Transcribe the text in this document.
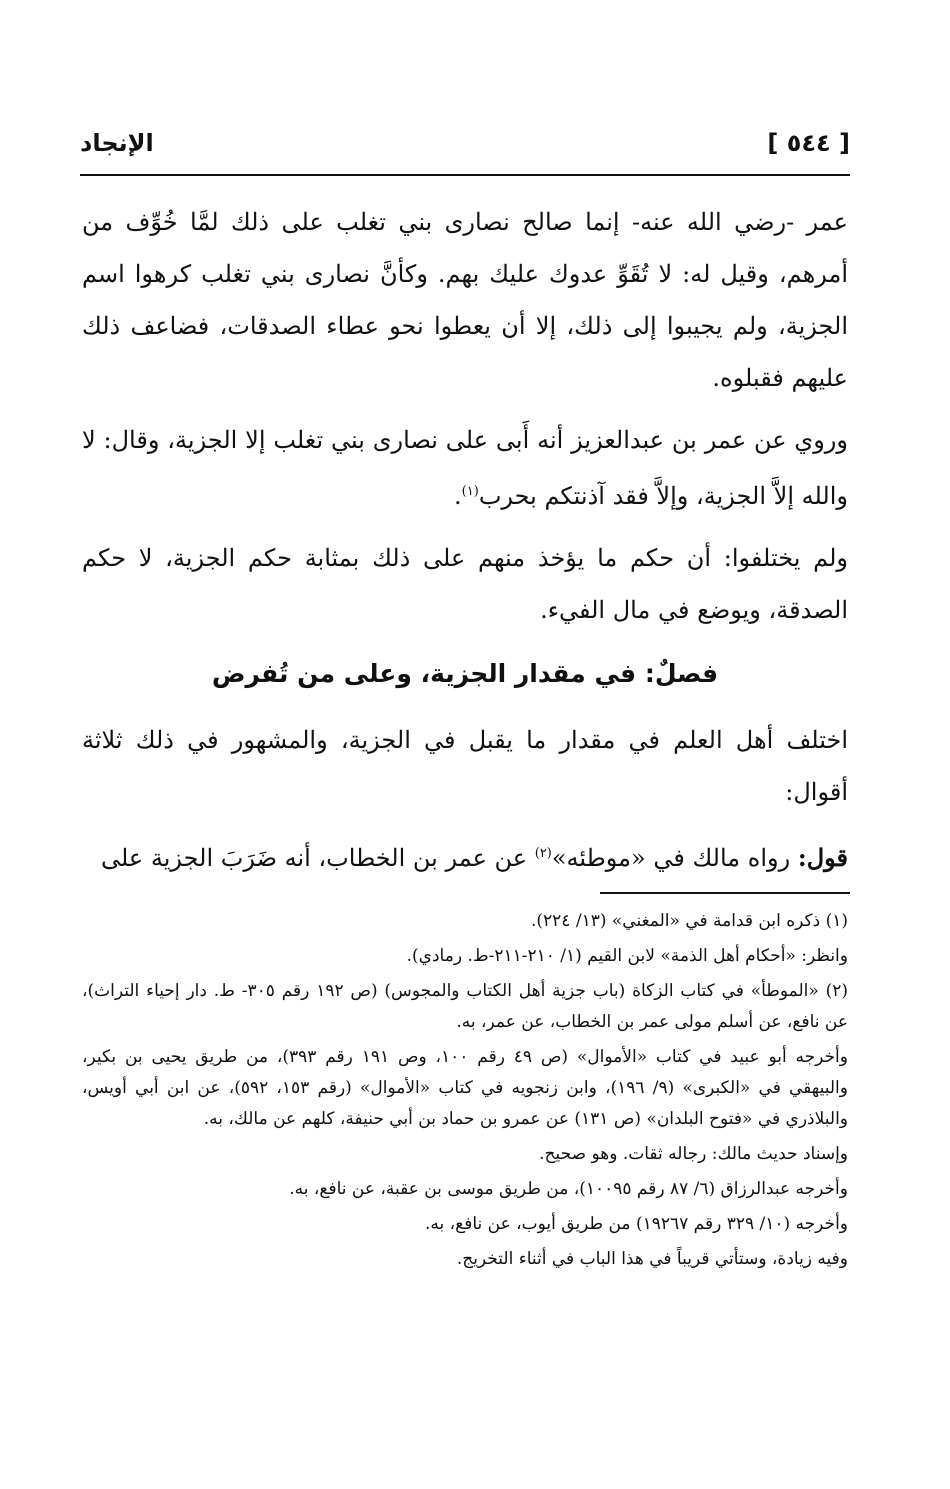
[ ٥٤٤ ]
الإنجاد

عمر -رضي الله عنه- إنما صالح نصارى بني تغلب على ذلك لمَّا خُوِّف من أمرهم، وقيل له: لا تُقَوِّ عدوك عليك بهم. وكأنَّ نصارى بني تغلب كرهوا اسم الجزية، ولم يجيبوا إلى ذلك، إلا أن يعطوا نحو عطاء الصدقات، فضاعف ذلك عليهم فقبلوه.

وروي عن عمر بن عبدالعزيز أنه أَبى على نصارى بني تغلب إلا الجزية، وقال: لا والله إلاَّ الجزية، وإلاَّ فقد آذنتكم بحرب$^{(١)}$.

ولم يختلفوا: أن حكم ما يؤخذ منهم على ذلك بمثابة حكم الجزية، لا حكم الصدقة، ويوضع في مال الفيء.

فصلٌ: في مقدار الجزية، وعلى من تُفرض

اختلف أهل العلم في مقدار ما يقبل في الجزية، والمشهور في ذلك ثلاثة أقوال:

قول: رواه مالك في «موطئه»$^{(٢)}$ عن عمر بن الخطاب، أنه ضَرَبَ الجزية على

(١) ذكره ابن قدامة في «المغني» (١٣/ ٢٢٤).

وانظر: «أحكام أهل الذمة» لابن القيم (١/ ٢١٠-٢١١-ط. رمادي).

(٢) «الموطأ» في كتاب الزكاة (باب جزية أهل الكتاب والمجوس) (ص ١٩٢ رقم ٣٠٥- ط. دار إحياء التراث)، عن نافع، عن أسلم مولى عمر بن الخطاب، عن عمر، به.

وأخرجه أبو عبيد في كتاب «الأموال» (ص ٤٩ رقم ١٠٠، وص ١٩١ رقم ٣٩٣)، من طريق يحيى بن بكير، والبيهقي في «الكبرى» (٩/ ١٩٦)، وابن زنجويه في كتاب «الأموال» (رقم ١٥٣، ٥٩٢)، عن ابن أبي أويس، والبلاذري في «فتوح البلدان» (ص ١٣١) عن عمرو بن حماد بن أبي حنيفة، كلهم عن مالك، به.

وإسناد حديث مالك: رجاله ثقات. وهو صحيح.

وأخرجه عبدالرزاق (٦/ ٨٧ رقم ١٠٠٩٥)، من طريق موسى بن عقبة، عن نافع، به.

وأخرجه (١٠/ ٣٢٩ رقم ١٩٢٦٧) من طريق أيوب، عن نافع، به.

وفيه زيادة، وستأتي قريباً في هذا الباب في أثناء التخريج.
